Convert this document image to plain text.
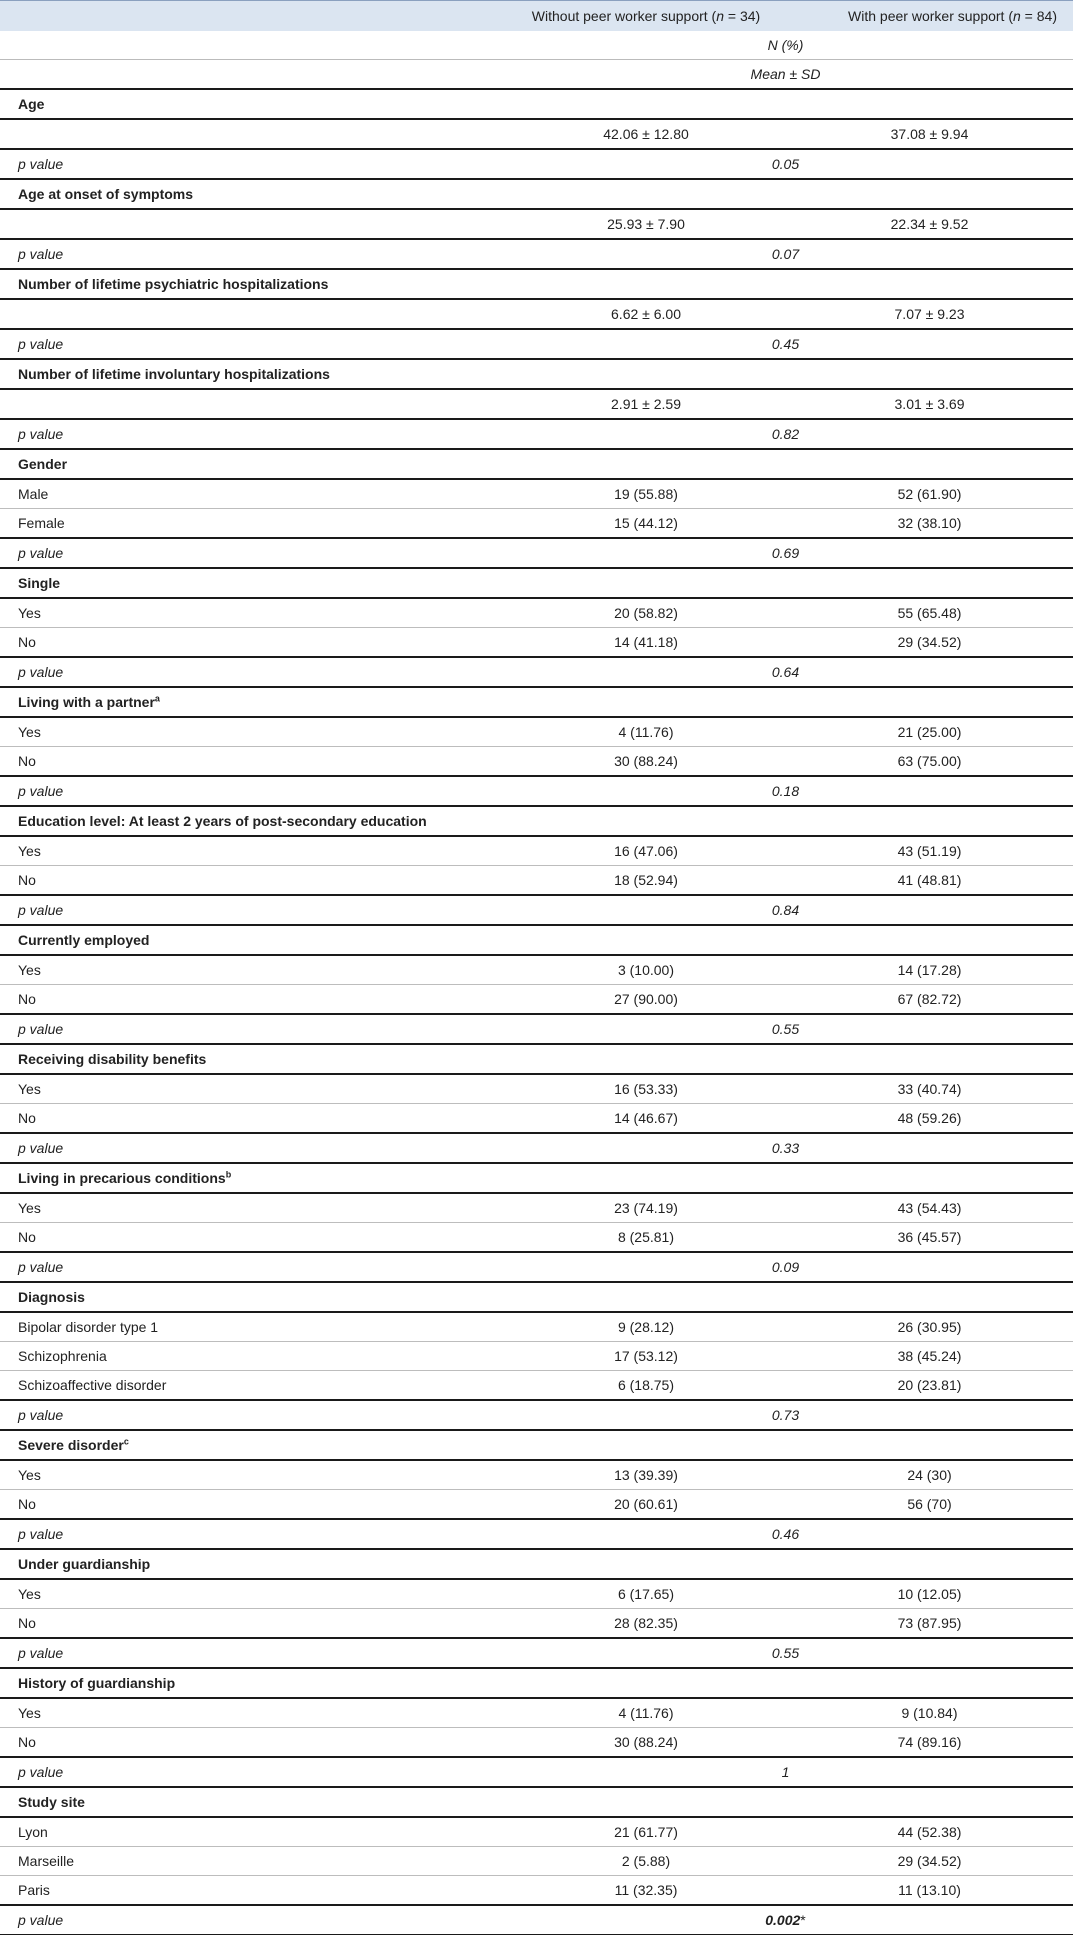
	Without peer worker support (n = 34)	With peer worker support (n = 84)
	N (%)	
	Mean ± SD	
Age		
	42.06 ± 12.80	37.08 ± 9.94
p value	0.05	
Age at onset of symptoms		
	25.93 ± 7.90	22.34 ± 9.52
p value	0.07	
Number of lifetime psychiatric hospitalizations		
	6.62 ± 6.00	7.07 ± 9.23
p value	0.45	
Number of lifetime involuntary hospitalizations		
	2.91 ± 2.59	3.01 ± 3.69
p value	0.82	
Gender		
Male	19 (55.88)	52 (61.90)
Female	15 (44.12)	32 (38.10)
p value	0.69	
Single		
Yes	20 (58.82)	55 (65.48)
No	14 (41.18)	29 (34.52)
p value	0.64	
Living with a partner$^a$		
Yes	4 (11.76)	21 (25.00)
No	30 (88.24)	63 (75.00)
p value	0.18	
Education level: At least 2 years of post-secondary education		
Yes	16 (47.06)	43 (51.19)
No	18 (52.94)	41 (48.81)
p value	0.84	
Currently employed		
Yes	3 (10.00)	14 (17.28)
No	27 (90.00)	67 (82.72)
p value	0.55	
Receiving disability benefits		
Yes	16 (53.33)	33 (40.74)
No	14 (46.67)	48 (59.26)
p value	0.33	
Living in precarious conditions$^b$		
Yes	23 (74.19)	43 (54.43)
No	8 (25.81)	36 (45.57)
p value	0.09	
Diagnosis		
Bipolar disorder type 1	9 (28.12)	26 (30.95)
Schizophrenia	17 (53.12)	38 (45.24)
Schizoaffective disorder	6 (18.75)	20 (23.81)
p value	0.73	
Severe disorder$^c$		
Yes	13 (39.39)	24 (30)
No	20 (60.61)	56 (70)
p value	0.46	
Under guardianship		
Yes	6 (17.65)	10 (12.05)
No	28 (82.35)	73 (87.95)
p value	0.55	
History of guardianship		
Yes	4 (11.76)	9 (10.84)
No	30 (88.24)	74 (89.16)
p value	1	
Study site		
Lyon	21 (61.77)	44 (52.38)
Marseille	2 (5.88)	29 (34.52)
Paris	11 (32.35)	11 (13.10)
p value	0.002*	
